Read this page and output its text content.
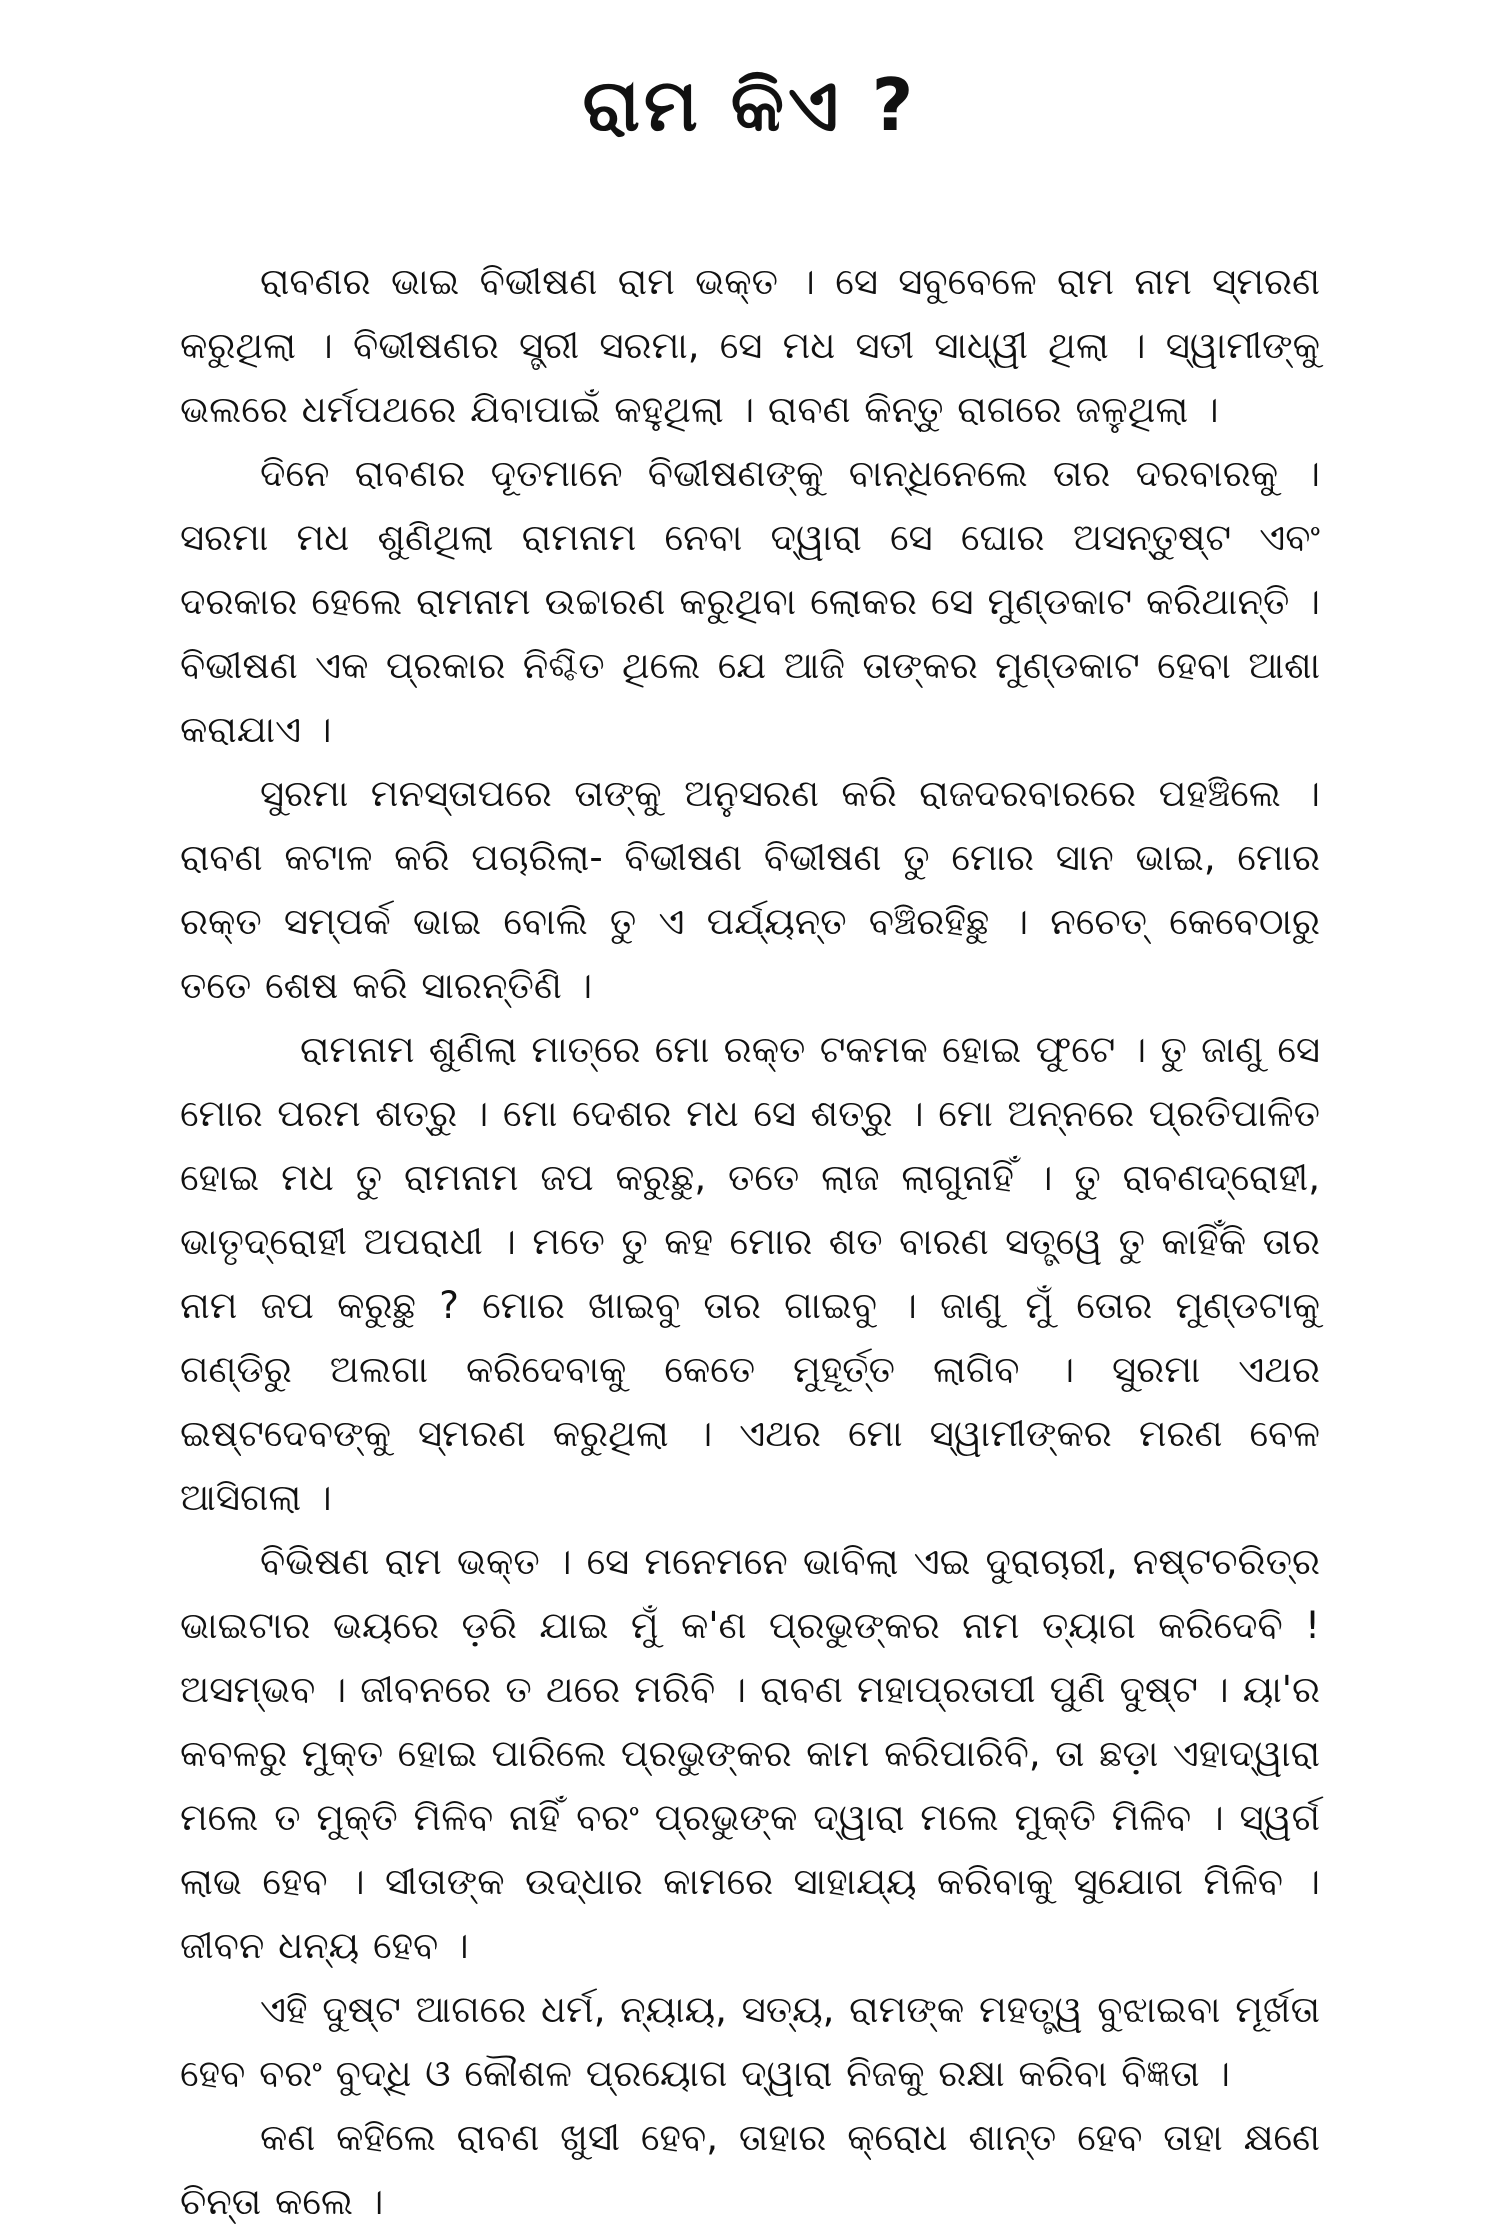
ରାମ କିଏ ?

ରାବଣର ଭାଇ ବିଭୀଷଣ ରାମ ଭକ୍ତ । ସେ ସବୁବେଳେ ରାମ ନାମ ସ୍ମରଣ କରୁଥିଲା । ବିଭୀଷଣର ସ୍ତ୍ରୀ ସରମା, ସେ ମଧ ସତୀ ସାଧ୍ୱୀ ଥିଲା । ସ୍ୱାମୀଙ୍କୁ ଭଲରେ ଧର୍ମପଥରେ ଯିବାପାଇଁ କହୁଥିଲା । ରାବଣ କିନ୍ତୁ ରାଗରେ ଜଳୁଥିଲା ।

ଦିନେ ରାବଣର ଦୂତମାନେ ବିଭୀଷଣଙ୍କୁ ବାନ୍ଧିନେଲେ ତାର ଦରବାରକୁ । ସରମା ମଧ ଶୁଣିଥିଲା ରାମନାମ ନେବା ଦ୍ୱାରା ସେ ଘୋର ଅସନ୍ତୁଷ୍ଟ ଏବଂ ଦରକାର ହେଲେ ରାମନାମ ଉଚ୍ଚାରଣ କରୁଥିବା ଲୋକର ସେ ମୁଣ୍ଡକାଟ କରିଥାନ୍ତି । ବିଭୀଷଣ ଏକ ପ୍ରକାର ନିଶ୍ଚିତ ଥିଲେ ଯେ ଆଜି ତାଙ୍କର ମୁଣ୍ଡକାଟ ହେବା ଆଶା କରାଯାଏ ।

ସୁରମା ମନସ୍ତାପରେ ତାଙ୍କୁ ଅନୁସରଣ କରି ରାଜଦରବାରରେ ପହଞ୍ଚିଲେ । ରାବଣ କଟାଳ କରି ପଚାରିଲା- ବିଭୀଷଣ ବିଭୀଷଣ ତୁ ମୋର ସାନ ଭାଇ, ମୋର ରକ୍ତ ସମ୍ପର୍କ ଭାଇ ବୋଲି ତୁ ଏ ପର୍ଯ୍ୟନ୍ତ ବଞ୍ଚିରହିଛୁ । ନଚେତ୍ କେବେଠାରୁ ତତେ ଶେଷ କରି ସାରନ୍ତିଣି ।

ରାମନାମ ଶୁଣିଲା ମାତ୍ରେ ମୋ ରକ୍ତ ଟକମକ ହୋଇ ଫୁଟେ । ତୁ ଜାଣୁ ସେ ମୋର ପରମ ଶତ୍ରୁ । ମୋ ଦେଶର ମଧ ସେ ଶତ୍ରୁ । ମୋ ଅନ୍ନରେ ପ୍ରତିପାଳିତ ହୋଇ ମଧ ତୁ ରାମନାମ ଜପ କରୁଛୁ, ତତେ ଲାଜ ଲାଗୁନାହିଁ । ତୁ ରାବଣଦ୍ରୋହୀ, ଭାତୃଦ୍ରୋହୀ ଅପରାଧୀ । ମତେ ତୁ କହ ମୋର ଶତ ବାରଣ ସତ୍ତ୍ୱେ ତୁ କାହିଁକି ତାର ନାମ ଜପ କରୁଛୁ ? ମୋର ଖାଇବୁ ତାର ଗାଇବୁ । ଜାଣୁ ମୁଁ ତୋର ମୁଣ୍ଡଟାକୁ ଗଣ୍ଡିରୁ ଅଲଗା କରିଦେବାକୁ କେତେ ମୁହୂର୍ତ୍ତ ଲାଗିବ । ସୁରମା ଏଥର ଇଷ୍ଟଦେବଙ୍କୁ ସ୍ମରଣ କରୁଥିଲା । ଏଥର ମୋ ସ୍ୱାମୀଙ୍କର ମରଣ ବେଳ ଆସିଗଲା ।

ବିଭିଷଣ ରାମ ଭକ୍ତ । ସେ ମନେମନେ ଭାବିଲା ଏଇ ଦୁରାଚାରୀ, ନଷ୍ଟଚରିତ୍ର ଭାଇଟାର ଭୟରେ ଡ଼ରି ଯାଇ ମୁଁ କ'ଣ ପ୍ରଭୁଙ୍କର ନାମ ତ୍ୟାଗ କରିଦେବି ! ଅସମ୍ଭବ । ଜୀବନରେ ତ ଥରେ ମରିବି । ରାବଣ ମହାପ୍ରତାପୀ ପୁଣି ଦୁଷ୍ଟ । ୟା'ର କବଳରୁ ମୁକ୍ତ ହୋଇ ପାରିଲେ ପ୍ରଭୁଙ୍କର କାମ କରିପାରିବି, ତା ଛଡ଼ା ଏହାଦ୍ୱାରା ମଲେ ତ ମୁକ୍ତି ମିଳିବ ନାହିଁ ବରଂ ପ୍ରଭୁଙ୍କ ଦ୍ୱାରା ମଲେ ମୁକ୍ତି ମିଳିବ । ସ୍ୱର୍ଗ ଲାଭ ହେବ । ସୀତାଙ୍କ ଉଦ୍ଧାର କାମରେ ସାହାଯ୍ୟ କରିବାକୁ ସୁଯୋଗ ମିଳିବ । ଜୀବନ ଧନ୍ୟ ହେବ ।

ଏହି ଦୁଷ୍ଟ ଆଗରେ ଧର୍ମ, ନ୍ୟାୟ, ସତ୍ୟ, ରାମଙ୍କ ମହତ୍ତ୍ୱ ବୁଝାଇବା ମୂର୍ଖତା ହେବ ବରଂ ବୁଦ୍ଧି ଓ କୌଶଳ ପ୍ରୟୋଗ ଦ୍ୱାରା ନିଜକୁ ରକ୍ଷା କରିବା ବିଜ୍ଞତା ।

କଣ କହିଲେ ରାବଣ ଖୁସୀ ହେବ, ତାହାର କ୍ରୋଧ ଶାନ୍ତ ହେବ ତାହା କ୍ଷଣେ ଚିନ୍ତା କଲେ ।
